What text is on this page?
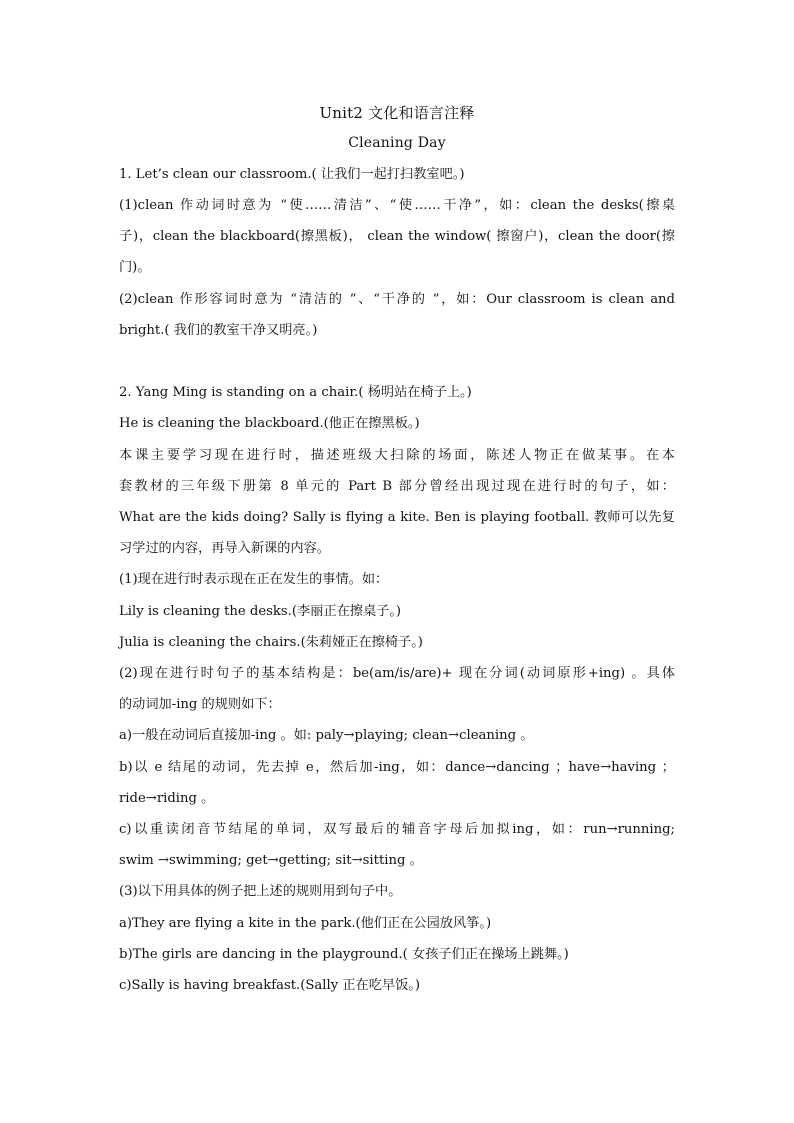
Unit2 文化和语言注释
Cleaning Day
1. Let’s clean our classroom.( 让我们一起打扫教室吧。)
(1)clean 作动词时意为 “使……清洁”、“使……干净”，如：clean the desks(擦桌
子)，clean the blackboard(擦黑板)， clean the window( 擦窗户)，clean the door(擦
门)。
(2)clean 作形容词时意为 “清洁的 ”、“干净的 ”，如：Our classroom is clean and
bright.( 我们的教室干净又明亮。)
2. Yang Ming is standing on a chair.( 杨明站在椅子上。)
He is cleaning the blackboard.(他正在擦黑板。)
本课主要学习现在进行时，描述班级大扫除的场面，陈述人物正在做某事。在本
套教材的三年级下册第 8 单元的 Part B 部分曾经出现过现在进行时的句子，如：
What are the kids doing? Sally is flying a kite. Ben is playing football. 教师可以先复
习学过的内容，再导入新课的内容。
(1)现在进行时表示现在正在发生的事情。如：
Lily is cleaning the desks.(李丽正在擦桌子。)
Julia is cleaning the chairs.(朱莉娅正在擦椅子。)
(2)现在进行时句子的基本结构是：be(am/is/are)+ 现在分词(动词原形+ing) 。具体
的动词加-ing 的规则如下：
a)一般在动词后直接加-ing 。如: paly→playing; clean→cleaning 。
b)以 e 结尾的动词，先去掉 e，然后加-ing，如：dance→dancing ；have→having ；
ride→riding 。
c)以重读闭音节结尾的单词，双写最后的辅音字母后加拟ing，如：run→running;
swim →swimming; get→getting; sit→sitting 。
(3)以下用具体的例子把上述的规则用到句子中。
a)They are flying a kite in the park.(他们正在公园放风筝。)
b)The girls are dancing in the playground.( 女孩子们正在操场上跳舞。)
c)Sally is having breakfast.(Sally 正在吃早饭。)
